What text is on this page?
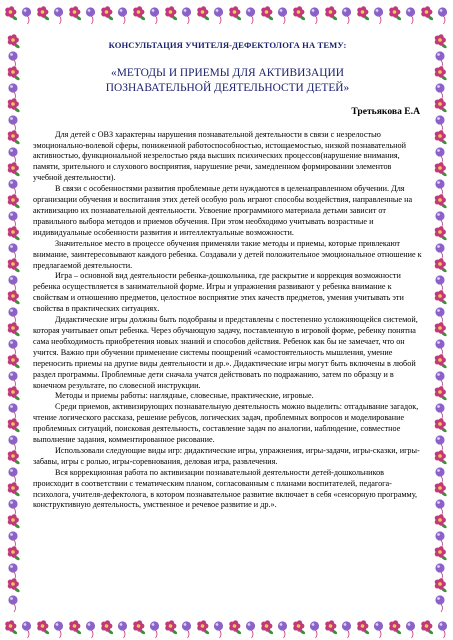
КОНСУЛЬТАЦИЯ УЧИТЕЛЯ-ДЕФЕКТОЛОГА НА ТЕМУ:

«МЕТОДЫ И ПРИЕМЫ ДЛЯ АКТИВИЗАЦИИ

ПОЗНАВАТЕЛЬНОЙ ДЕЯТЕЛЬНОСТИ ДЕТЕЙ»

Третьякова Е.А

Для детей с ОВЗ характерны нарушения познавательной деятельности в связи с незрелостью эмоционально-волевой сферы, пониженной работоспособностью, истощаемостью, низкой познавательной активностью, функциональной незрелостью ряда высших психических процессов(нарушение внимания, памяти, зрительного и слухового восприятия, нарушение речи, замедленном формировании элементов учебной деятельности).

В связи с особенностями развития проблемные дети нуждаются в целенаправленном обучении. Для организации обучения и воспитания этих детей особую роль играют способы воздействия, направленные на активизацию их познавательной деятельности. Усвоение программного материала детьми зависит от правильного выбора методов и приемов обучения. При этом необходимо учитывать возрастные и индивидуальные особенности развития и интеллектуальные возможности.

Значительное место в процессе обучения применяли такие методы и приемы, которые привлекают внимание, заинтересовывают каждого ребенка. Создавали у детей положительное эмоциональное отношение к предлагаемой деятельности.

Игра – основной вид деятельности ребенка-дошкольника, где раскрытие и коррекция возможности ребенка осуществляется в занимательной форме. Игры и упражнения развивают у ребенка внимание к свойствам и отношению предметов, целостное восприятие этих качеств предметов, умения учитывать эти свойства в практических ситуациях.

Дидактические игры должны быть подобраны и представлены с постепенно усложняющейся системой, которая учитывает опыт ребенка. Через обучающую задачу, поставленную в игровой форме, ребенку понятна сама необходимость приобретения новых знаний и способов действия. Ребенок как бы не замечает, что он учится. Важно при обучении применение системы поощрений «самостоятельность мышления, умение переносить приемы на другие виды деятельности и др.». Дидактические игры могут быть включены в любой раздел программы. Проблемные дети сначала учатся действовать по подражанию, затем по образцу и в конечном результате, по словесной инструкции.

Методы и приемы работы: наглядные, словесные, практические, игровые.

Среди приемов, активизирующих познавательную деятельность можно выделить: отгадывание загадок, чтение логического рассказа, решение ребусов, логических задач, проблемных вопросов и моделирование проблемных ситуаций, поисковая деятельность, составление задач по аналогии, наблюдение, совместное выполнение задания, комментированное рисование.

Использовали следующие виды игр: дидактические игры, упражнения, игры-задачи, игры-сказки, игры-забавы, игры с ролью, игры-соревнования, деловая игра, развлечения.

Вся коррекционная работа по активизации познавательной деятельности детей-дошкольников происходит в соответствии с тематическим планом, согласованным с планами воспитателей, педагога-психолога, учителя-дефектолога, в котором познавательное развитие включает в себя «сенсорную программу, конструктивную деятельность, умственное и речевое развитие и др.».
